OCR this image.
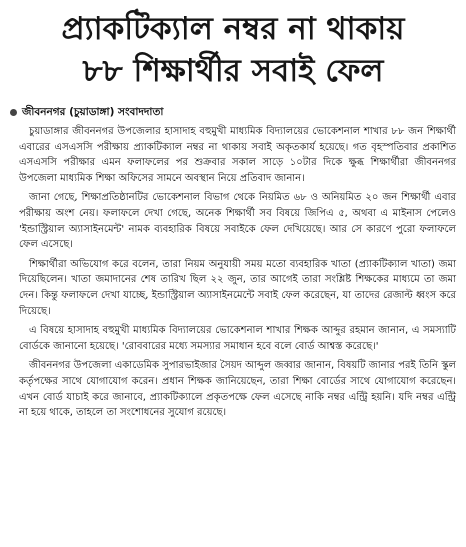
প্র্যাকটিক্যাল নম্বর না থাকায়
৮৮ শিক্ষার্থীর সবাই ফেল
জীবননগর (চুয়াডাঙ্গা) সংবাদদাতা

চুয়াডাঙ্গার জীবননগর উপজেলার হাসাদাহ বহুমুখী মাধ্যমিক বিদ্যালয়ের ভোকেশনাল শাখার ৮৮ জন শিক্ষার্থী এবারের এসএসসি পরীক্ষায় প্র্যাকটিক্যাল নম্বর না থাকায় সবাই অকৃতকার্য হয়েছে। গত বৃহস্পতিবার প্রকাশিত এসএসসি পরীক্ষার এমন ফলাফলের পর শুক্রবার সকাল সাড়ে ১০টার দিকে ক্ষুব্ধ শিক্ষার্থীরা জীবননগর উপজেলা মাধ্যমিক শিক্ষা অফিসের সামনে অবস্থান নিয়ে প্রতিবাদ জানান।

জানা গেছে, শিক্ষাপ্রতিষ্ঠানটির ভোকেশনাল বিভাগ থেকে নিয়মিত ৬৮ ও অনিয়মিত ২০ জন শিক্ষার্থী এবার পরীক্ষায় অংশ নেয়। ফলাফলে দেখা গেছে, অনেক শিক্ষার্থী সব বিষয়ে জিপিএ ৫, অথবা এ মাইনাস পেলেও 'ইন্ডাস্ট্রিয়াল অ্যাসাইনমেন্ট' নামক ব্যবহারিক বিষয়ে সবাইকে ফেল দেখিয়েছে। আর সে কারণে পুরো ফলাফলে ফেল এসেছে।

শিক্ষার্থীরা অভিযোগ করে বলেন, তারা নিয়ম অনুযায়ী সময় মতো ব্যবহারিক খাতা (প্র্যাকটিক্যাল খাতা) জমা দিয়েছিলেন। খাতা জমাদানের শেষ তারিখ ছিল ২২ জুন, তার আগেই তারা সংশ্লিষ্ট শিক্ষকের মাধ্যমে তা জমা দেন। কিন্তু ফলাফলে দেখা যাচ্ছে, ইন্ডাস্ট্রিয়াল অ্যাসাইনমেন্টে সবাই ফেল করেছেন, যা তাদের রেজাল্ট ধ্বংস করে দিয়েছে।

এ বিষয়ে হাসাদাহ বহুমুখী মাধ্যমিক বিদ্যালয়ের ভোকেশনাল শাখার শিক্ষক আব্দুর রহমান জানান, এ সমস্যাটি বোর্ডকে জানানো হয়েছে। 'রোববারের মধ্যে সমস্যার সমাধান হবে বলে বোর্ড আশ্বস্ত করেছে।'

জীবননগর উপজেলা একাডেমিক সুপারভাইজার সৈয়দ আব্দুল জব্বার জানান, বিষয়টি জানার পরই তিনি স্কুল কর্তৃপক্ষের সাথে যোগাযোগ করেন। প্রধান শিক্ষক জানিয়েছেন, তারা শিক্ষা বোর্ডের সাথে যোগাযোগ করেছেন। এখন বোর্ড যাচাই করে জানাবে, প্র্যাকটিক্যালে প্রকৃতপক্ষে ফেল এসেছে নাকি নম্বর এন্ট্রি হয়নি। যদি নম্বর এন্ট্রি না হয়ে থাকে, তাহলে তা সংশোধনের সুযোগ রয়েছে।
